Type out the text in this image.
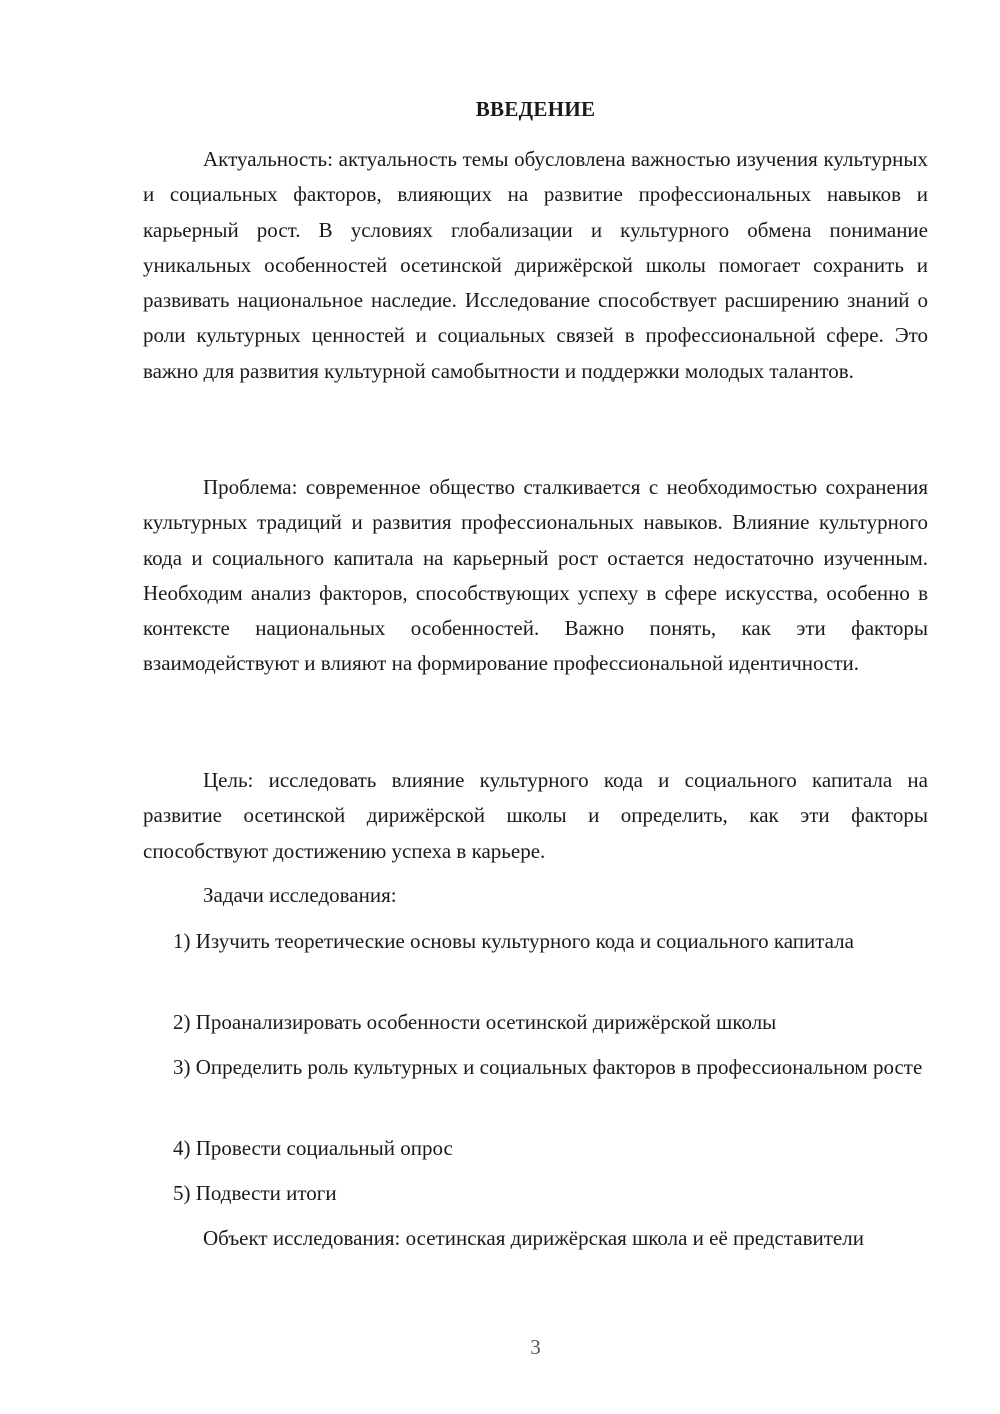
ВВЕДЕНИЕ

Актуальность: актуальность темы обусловлена важностью изучения культурных и социальных факторов, влияющих на развитие профессиональных навыков и карьерный рост. В условиях глобализации и культурного обмена понимание уникальных особенностей осетинской дирижёрской школы помогает сохранить и развивать национальное наследие. Исследование способствует расширению знаний о роли культурных ценностей и социальных связей в профессиональной сфере. Это важно для развития культурной самобытности и поддержки молодых талантов.

Проблема: современное общество сталкивается с необходимостью сохранения культурных традиций и развития профессиональных навыков. Влияние культурного кода и социального капитала на карьерный рост остается недостаточно изученным. Необходим анализ факторов, способствующих успеху в сфере искусства, особенно в контексте национальных особенностей. Важно понять, как эти факторы взаимодействуют и влияют на формирование профессиональной идентичности.

Цель: исследовать влияние культурного кода и социального капитала на развитие осетинской дирижёрской школы и определить, как эти факторы способствуют достижению успеха в карьере.

Задачи исследования:

1) Изучить теоретические основы культурного кода и социального капитала

2) Проанализировать особенности осетинской дирижёрской школы

3) Определить роль культурных и социальных факторов в профессиональном росте

4) Провести социальный опрос

5) Подвести итоги

Объект исследования: осетинская дирижёрская школа и её представители

3
